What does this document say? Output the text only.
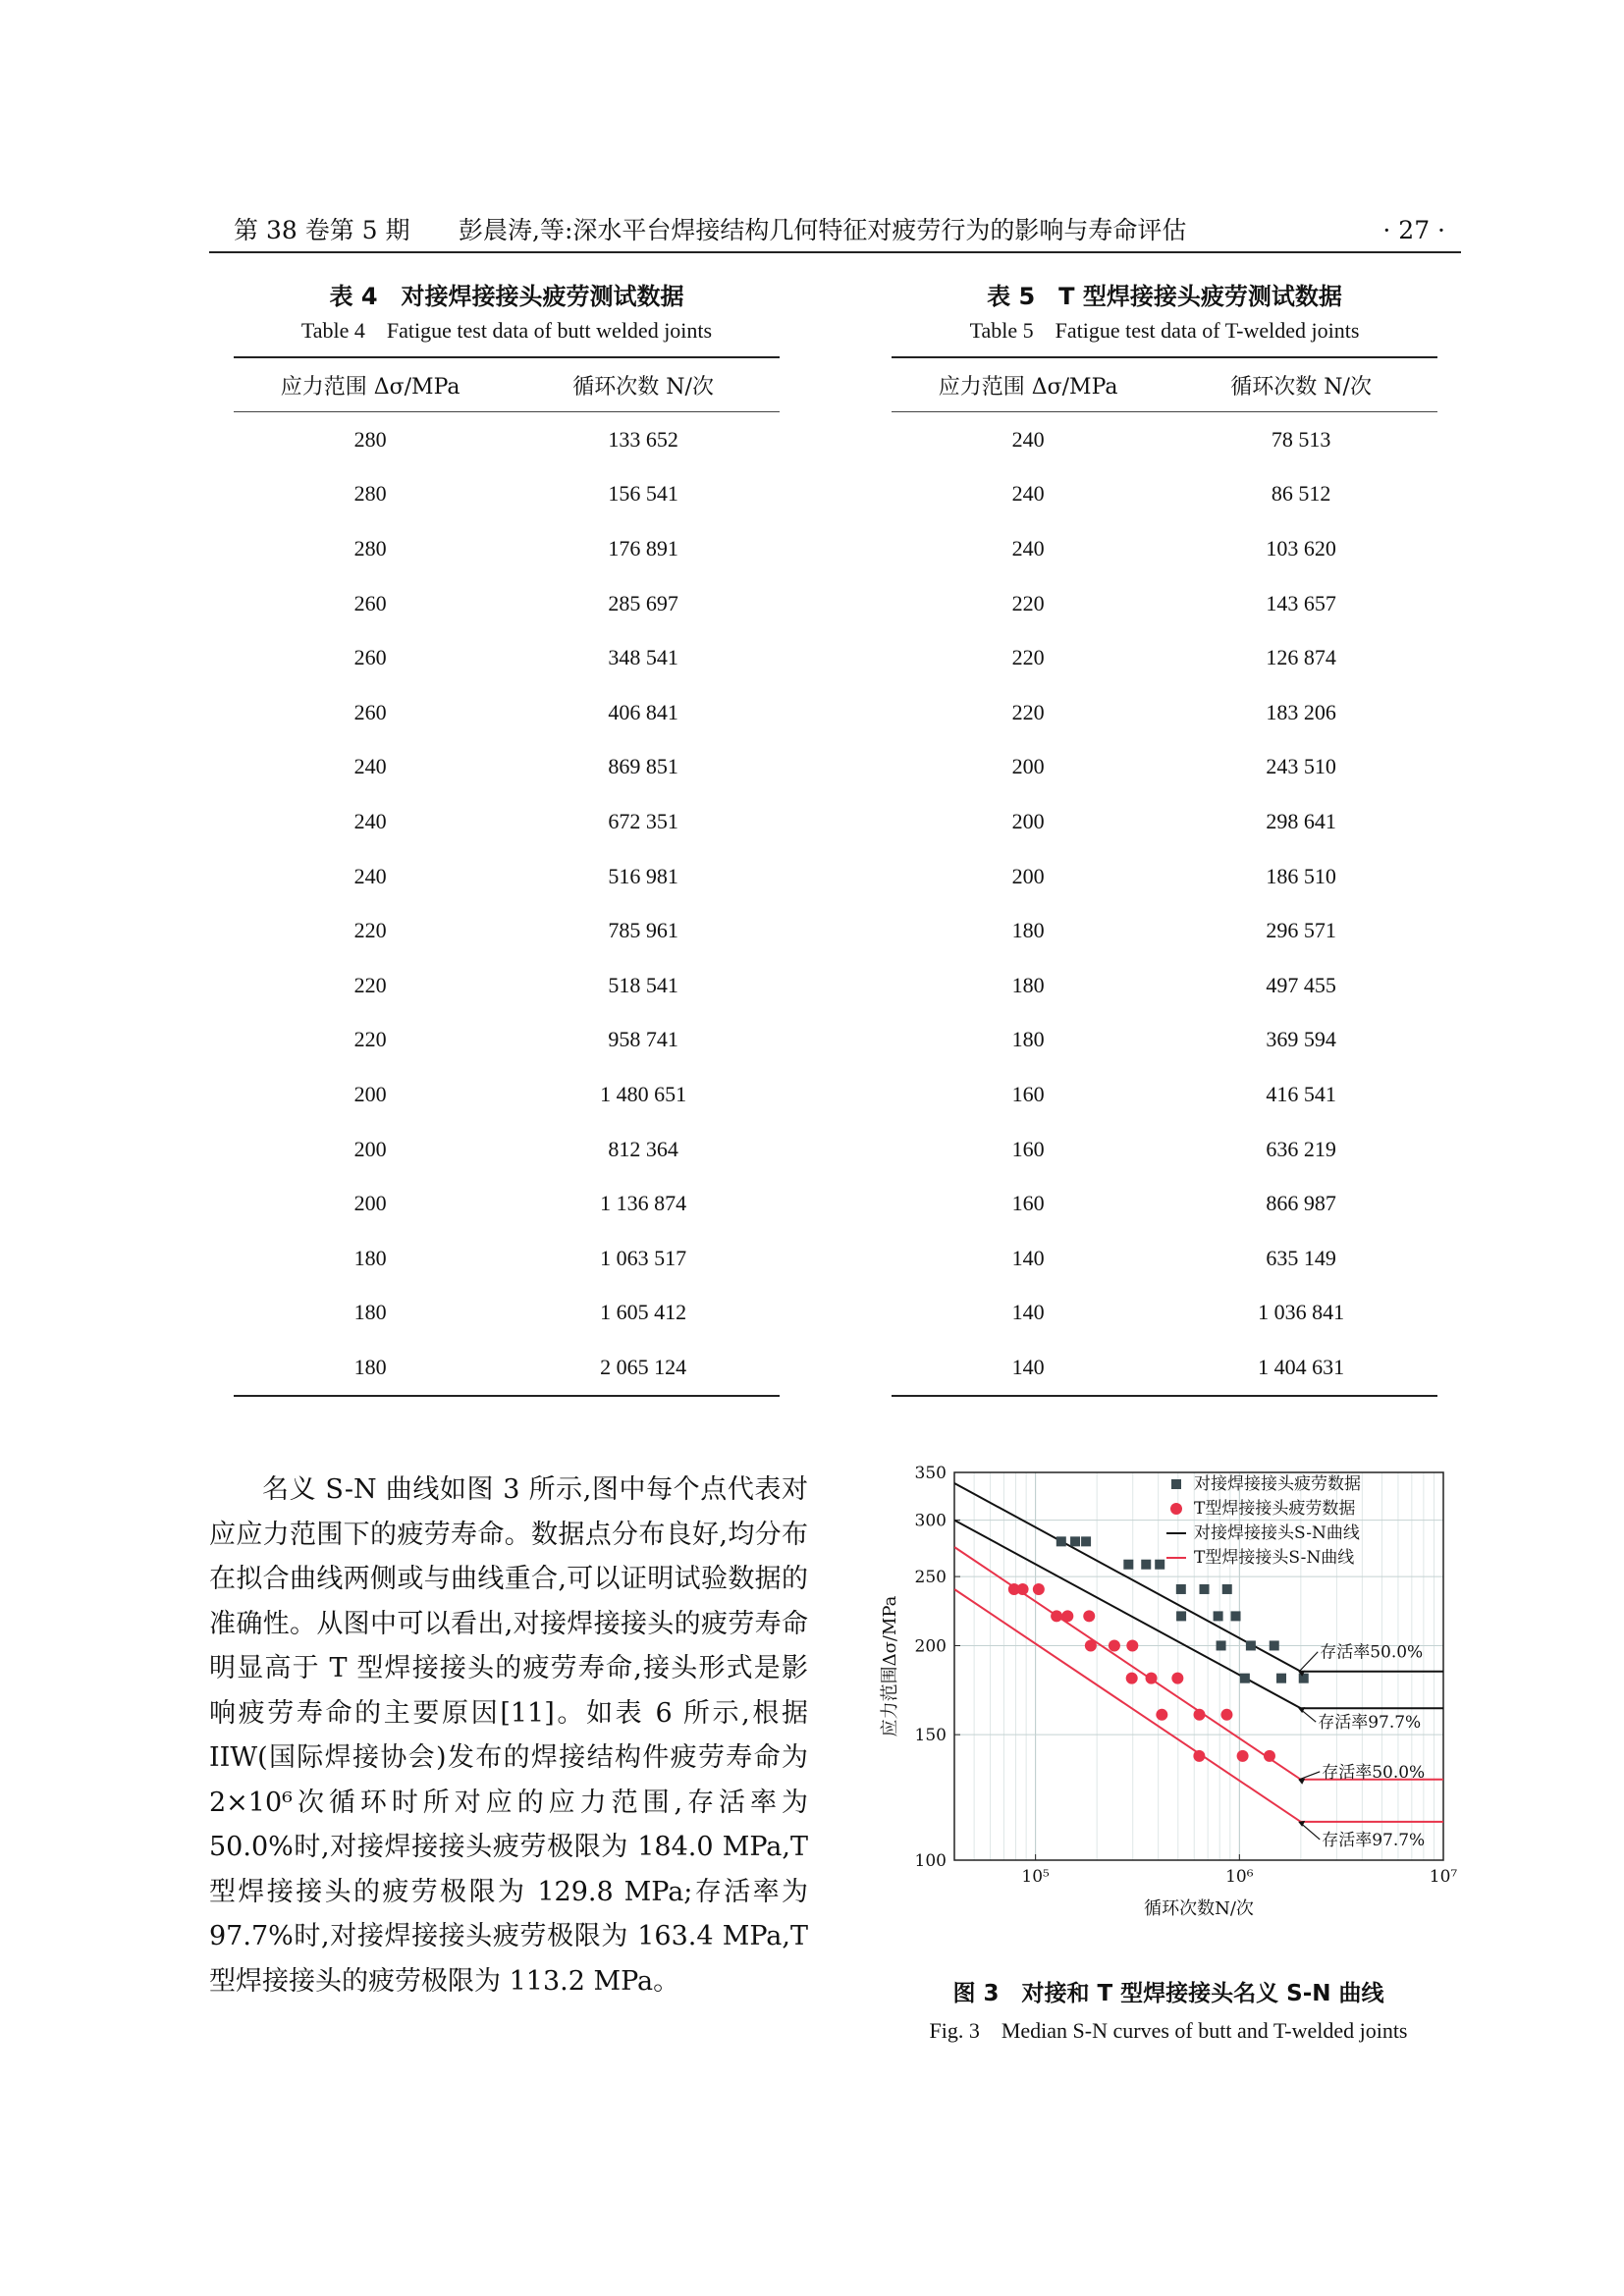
第 38 卷第 5 期 彭晨涛,等:深水平台焊接结构几何特征对疲劳行为的影响与寿命评估	· 27 ·
表 4　对接焊接接头疲劳测试数据
Table 4　Fatigue test data of butt welded joints
应力范围 Δσ/MPa	循环次数 N/次
280	133 652
280	156 541
280	176 891
260	285 697
260	348 541
260	406 841
240	869 851
240	672 351
240	516 981
220	785 961
220	518 541
220	958 741
200	1 480 651
200	812 364
200	1 136 874
180	1 063 517
180	1 605 412
180	2 065 124
表 5　T 型焊接接头疲劳测试数据
Table 5　Fatigue test data of T-welded joints
应力范围 Δσ/MPa	循环次数 N/次
240	78 513
240	86 512
240	103 620
220	143 657
220	126 874
220	183 206
200	243 510
200	298 641
200	186 510
180	296 571
180	497 455
180	369 594
160	416 541
160	636 219
160	866 987
140	635 149
140	1 036 841
140	1 404 631

名义 S-N 曲线如图 3 所示,图中每个点代表对应应力范围下的疲劳寿命。数据点分布良好,均分布在拟合曲线两侧或与曲线重合,可以证明试验数据的准确性。从图中可以看出,对接焊接接头的疲劳寿命明显高于 T 型焊接接头的疲劳寿命,接头形式是影响疲劳寿命的主要原因[11]。如表 6 所示,根据 IIW(国际焊接协会)发布的焊接结构件疲劳寿命为 2×10⁶次循环时所对应的应力范围,存活率为 50.0%时,对接焊接接头疲劳极限为 184.0 MPa,T 型焊接接头的疲劳极限为 129.8 MPa;存活率为 97.7%时,对接焊接接头疲劳极限为 163.4 MPa,T 型焊接接头的疲劳极限为 113.2 MPa。

100
150
200
250
300
350
10⁵	10⁶	10⁷
循环次数N/次
应力范围Δσ/MPa
对接焊接接头疲劳数据
T型焊接接头疲劳数据
对接焊接接头S-N曲线
T型焊接接头S-N曲线
存活率50.0%
存活率97.7%
存活率50.0%
存活率97.7%
图 3　对接和 T 型焊接接头名义 S-N 曲线
Fig. 3　Median S-N curves of butt and T-welded joints
